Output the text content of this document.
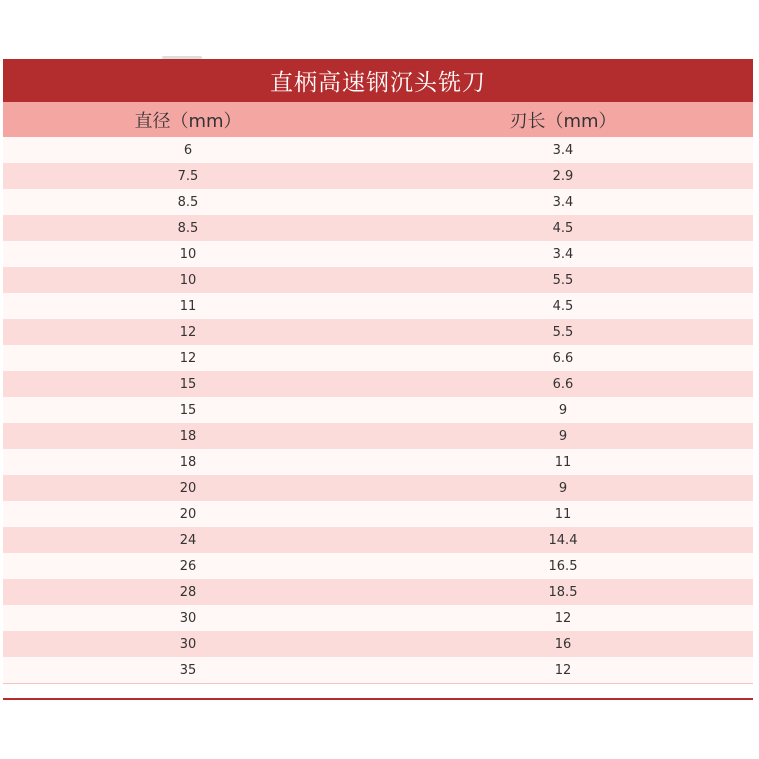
直柄高速钢沉头铣刀
直径（mm）	刃长（mm）
6	3.4
7.5	2.9
8.5	3.4
8.5	4.5
10	3.4
10	5.5
11	4.5
12	5.5
12	6.6
15	6.6
15	9
18	9
18	11
20	9
20	11
24	14.4
26	16.5
28	18.5
30	12
30	16
35	12
